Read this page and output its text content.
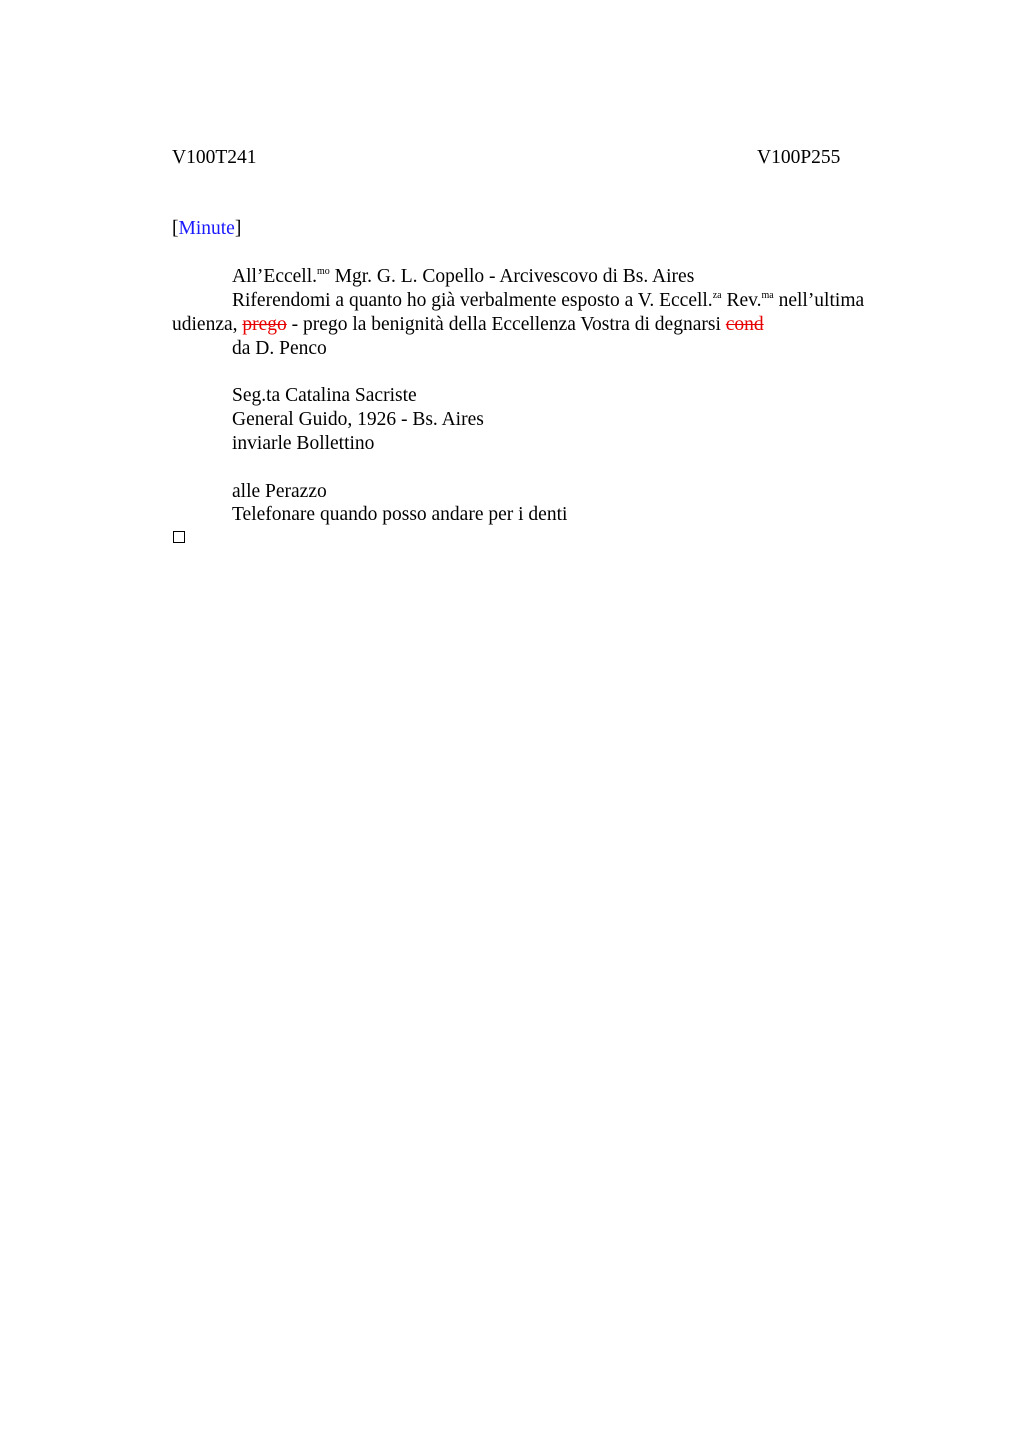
V100T241	V100P255
[Minute]
All’Eccell.$^{mo}$ Mgr. G. L. Copello - Arcivescovo di Bs. Aires
Riferendomi a quanto ho già verbalmente esposto a V. Eccell.$^{za}$ Rev.$^{ma}$ nell’ultima
udienza, prego - prego la benignità della Eccellenza Vostra di degnarsi cond
da D. Penco
Seg.ta Catalina Sacriste
General Guido, 1926 - Bs. Aires
inviarle Bollettino
alle Perazzo
Telefonare quando posso andare per i denti
